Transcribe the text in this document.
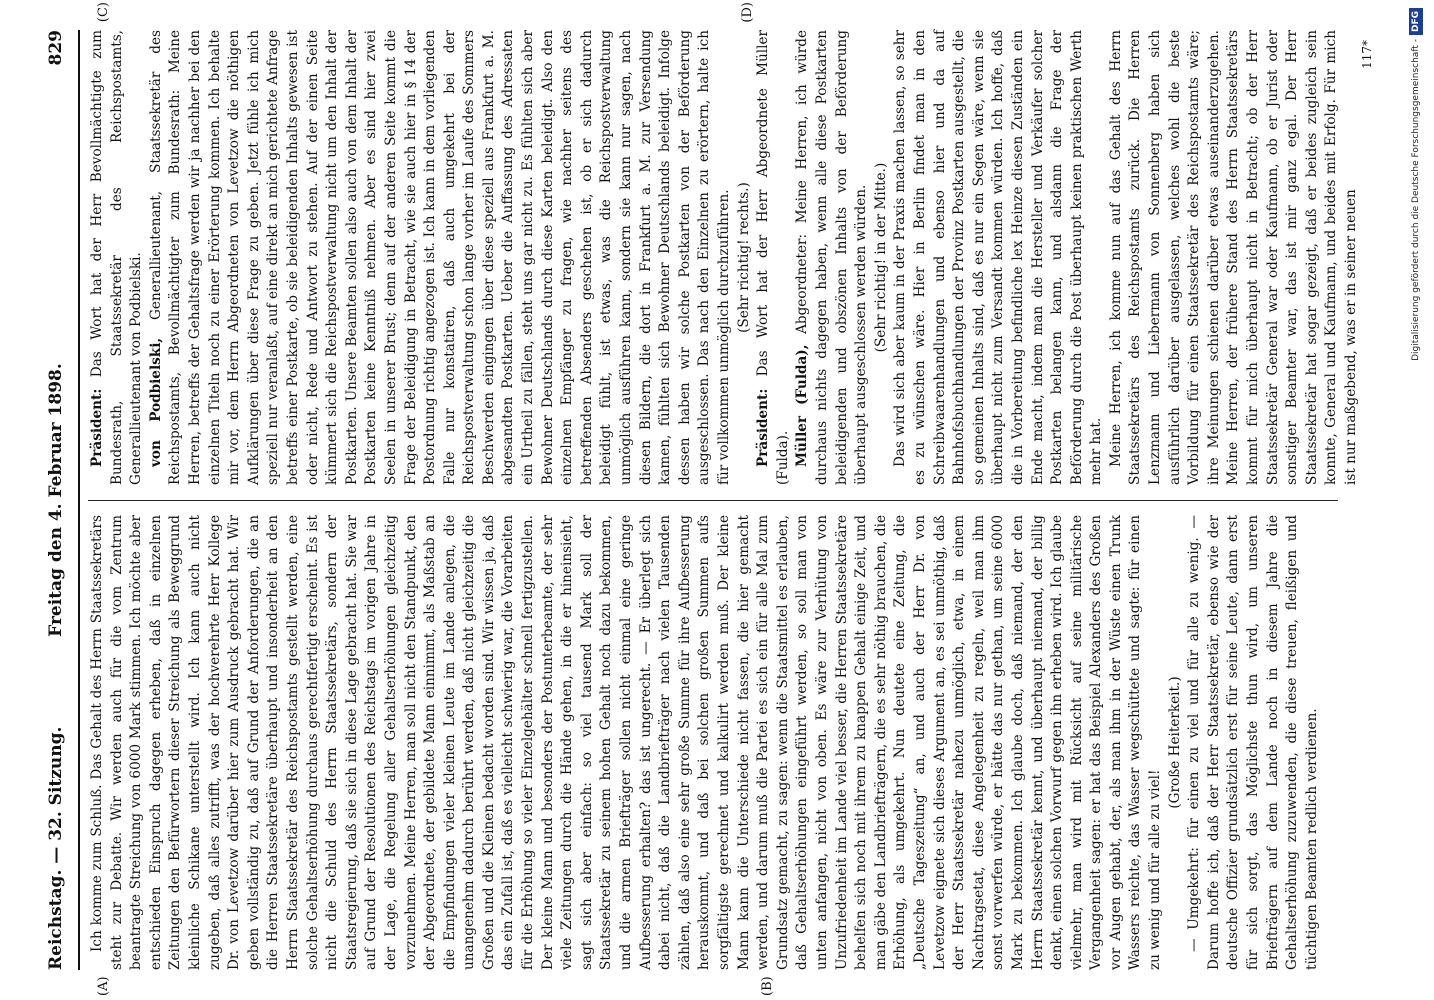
Reichstag. — 32. Sitzung.
Freitag den 4. Februar 1898.
829
(A)	(B)
(C)	(D)

Ich komme zum Schluß. Das Gehalt des Herrn Staatssekretärs steht zur Debatte. Wir werden auch für die vom Zentrum beantragte Streichung von 6000 Mark stimmen. Ich möchte aber entschieden Einspruch dagegen erheben, daß in einzelnen Zeitungen den Befürwortern dieser Streichung als Beweggrund kleinliche Schikane unterstellt wird. Ich kann auch nicht zugeben, daß alles zutrifft, was der hochverehrte Herr Kollege Dr. von Levetzow darüber hier zum Ausdruck gebracht hat. Wir geben vollständig zu, daß auf Grund der Anforderungen, die an die Herren Staatssekretäre überhaupt und insonderheit an den Herrn Staatssekretär des Reichspostamts gestellt werden, eine solche Gehaltserhöhung durchaus gerechtfertigt erscheint. Es ist nicht die Schuld des Herrn Staatssekretärs, sondern der Staatsregierung, daß sie sich in diese Lage gebracht hat. Sie war auf Grund der Resolutionen des Reichstags im vorigen Jahre in der Lage, die Regelung aller Gehaltserhöhungen gleichzeitig vorzunehmen. Meine Herren, man soll nicht den Standpunkt, den der Abgeordnete, der gebildete Mann einnimmt, als Maßstab an die Empfindungen vieler kleinen Leute im Lande anlegen, die unangenehm dadurch berührt werden, daß nicht gleichzeitig die Großen und die Kleinen bedacht worden sind. Wir wissen ja, daß das ein Zufall ist, daß es vielleicht schwierig war, die Vorarbeiten für die Erhöhung so vieler Einzelgehälter schnell fertigzustellen. Der kleine Mann und besonders der Postunterbeamte, der sehr viele Zeitungen durch die Hände gehen, in die er hineinsieht, sagt sich aber einfach: so viel tausend Mark soll der Staatssekretär zu seinem hohen Gehalt noch dazu bekommen, und die armen Briefträger sollen nicht einmal eine geringe Aufbesserung erhalten? das ist ungerecht. — Er überlegt sich dabei nicht, daß die Landbriefträger nach vielen Tausenden zählen, daß also eine sehr große Summe für ihre Aufbesserung herauskommt, und daß bei solchen großen Summen aufs sorgfältigste gerechnet und kalkulirt werden muß. Der kleine Mann kann die Unterschiede nicht fassen, die hier gemacht werden, und darum muß die Partei es sich ein für alle Mal zum Grundsatz gemacht, zu sagen: wenn die Staatsmittel es erlauben, daß Gehaltserhöhungen eingeführt werden, so soll man von unten anfangen, nicht von oben. Es wäre zur Verhütung von Unzufriedenheit im Lande viel besser, die Herren Staatssekretäre behelfen sich noch mit ihrem zu knappen Gehalt einige Zeit, und man gäbe den Landbriefträgern, die es sehr nöthig brauchen, die Erhöhung, als umgekehrt. Nun deutete eine Zeitung, die „Deutsche Tageszeitung“ an, und auch der Herr Dr. von Levetzow eignete sich dieses Argument an, es sei unmöthig, daß der Herr Staatssekretär nahezu unmöglich, etwa, in einem Nachtragsetat, diese Angelegenheit zu regeln, weil man ihm sonst vorwerfen würde, er hätte das nur gethan, um seine 6000 Mark zu bekommen. Ich glaube doch, daß niemand, der den Herrn Staatssekretär kennt, und überhaupt niemand, der billig denkt, einen solchen Vorwurf gegen ihn erheben wird. Ich glaube vielmehr, man wird mit Rücksicht auf seine militärische Vergangenheit sagen: er hat das Beispiel Alexanders des Großen vor Augen gehabt, der, als man ihm in der Wüste einen Trunk Wassers reichte, das Wasser wegschüttete und sagte: für einen zu wenig und für alle zu viel!

(Große Heiterkeit.) — Umgekehrt: für einen zu viel und für alle zu wenig. — Darum hoffe ich, daß der Herr Staatssekretär, ebenso wie der deutsche Offizier grundsätzlich erst für seine Leute, dann erst für sich sorgt, das Möglichste thun wird, um unseren Briefträgern auf dem Lande noch in diesem Jahre die Gehaltserhöhung zuzuwenden, die diese treuen, fleißigen und tüchtigen Beamten redlich verdienen.

Präsident: Das Wort hat der Herr Bevollmächtigte zum Bundesrath, Staatssekretär des Reichspostamts, Generallieutenant von Podbielski. von Podbielski, Generallieutenant, Staatssekretär des Reichspostamts, Bevollmächtigter zum Bundesrath: Meine Herren, betreffs der Gehaltsfrage werden wir ja nachher bei den einzelnen Titeln noch zu einer Erörterung kommen. Ich behalte mir vor, dem Herrn Abgeordneten von Levetzow die nöthigen Aufklärungen über diese Frage zu geben. Jetzt fühle ich mich speziell nur veranlaßt, auf eine direkt an mich gerichtete Anfrage betreffs einer Postkarte, ob sie beleidigenden Inhalts gewesen ist oder nicht, Rede und Antwort zu stehen. Auf der einen Seite kümmert sich die Reichspostverwaltung nicht um den Inhalt der Postkarten. Unsere Beamten sollen also auch von dem Inhalt der Postkarten keine Kenntniß nehmen. Aber es sind hier zwei Seelen in unserer Brust; denn auf der anderen Seite kommt die Frage der Beleidigung in Betracht, wie sie auch hier in § 14 der Postordnung richtig angezogen ist. Ich kann in dem vorliegenden Falle nur konstatiren, daß auch umgekehrt bei der Reichspostverwaltung schon lange vorher im Laufe des Sommers Beschwerden eingingen über diese speziell aus Frankfurt a. M. abgesandten Postkarten. Ueber die Auffassung des Adressaten ein Urtheil zu fällen, steht uns gar nicht zu. Es fühlten sich aber Bewohner Deutschlands durch diese Karten beleidigt. Also den einzelnen Empfänger zu fragen, wie nachher seitens des betreffenden Absenders geschehen ist, ob er sich dadurch beleidigt fühlt, ist etwas, was die Reichspostverwaltung unmöglich ausführen kann, sondern sie kann nur sagen, nach diesen Bildern, die dort in Frankfurt a. M. zur Versendung kamen, fühlten sich Bewohner Deutschlands beleidigt. Infolge dessen haben wir solche Postkarten von der Beförderung ausgeschlossen. Das nach den Einzelnen zu erörtern, halte ich für vollkommen unmöglich durchzuführen. (Sehr richtig! rechts.)

Präsident: Das Wort hat der Herr Abgeordnete Müller (Fulda). Müller (Fulda), Abgeordneter: Meine Herren, ich würde durchaus nichts dagegen haben, wenn alle diese Postkarten beleidigenden und obszönen Inhalts von der Beförderung überhaupt ausgeschlossen werden würden. (Sehr richtig! in der Mitte.) Das wird sich aber kaum in der Praxis machen lassen, so sehr es zu wünschen wäre. Hier in Berlin findet man in den Schreibwaarenhandlungen und ebenso hier und da auf Bahnhofsbuchhandlungen der Provinz Postkarten ausgestellt, die so gemeinen Inhalts sind, daß es nur ein Segen wäre, wenn sie überhaupt nicht zum Versandt kommen würden. Ich hoffe, daß die in Vorbereitung befindliche lex Heinze diesen Zuständen ein Ende macht, indem man die Hersteller und Verkäufer solcher Postkarten belangen kann, und alsdann die Frage der Beförderung durch die Post überhaupt keinen praktischen Werth mehr hat. Meine Herren, ich komme nun auf das Gehalt des Herrn Staatssekretärs des Reichspostamts zurück. Die Herren Lenzmann und Liebermann von Sonnenberg haben sich ausführlich darüber ausgelassen, welches wohl die beste Vorbildung für einen Staatssekretär des Reichspostamts wäre; ihre Meinungen schienen darüber etwas auseinanderzugehen. Meine Herren, der frühere Stand des Herrn Staatssekretärs kommt für mich überhaupt nicht in Betracht; ob der Herr Staatssekretär General war oder Kaufmann, ob er Jurist oder sonstiger Beamter war, das ist mir ganz egal. Der Herr Staatssekretär hat sogar gezeigt, daß er beides zugleich sein konnte, General und Kaufmann, und beides mit Erfolg. Für mich ist nur maßgebend, was er in seiner neuen

117*	Digitalisierung gefördert durch die Deutsche Forschungsgemeinschaft -DFG
